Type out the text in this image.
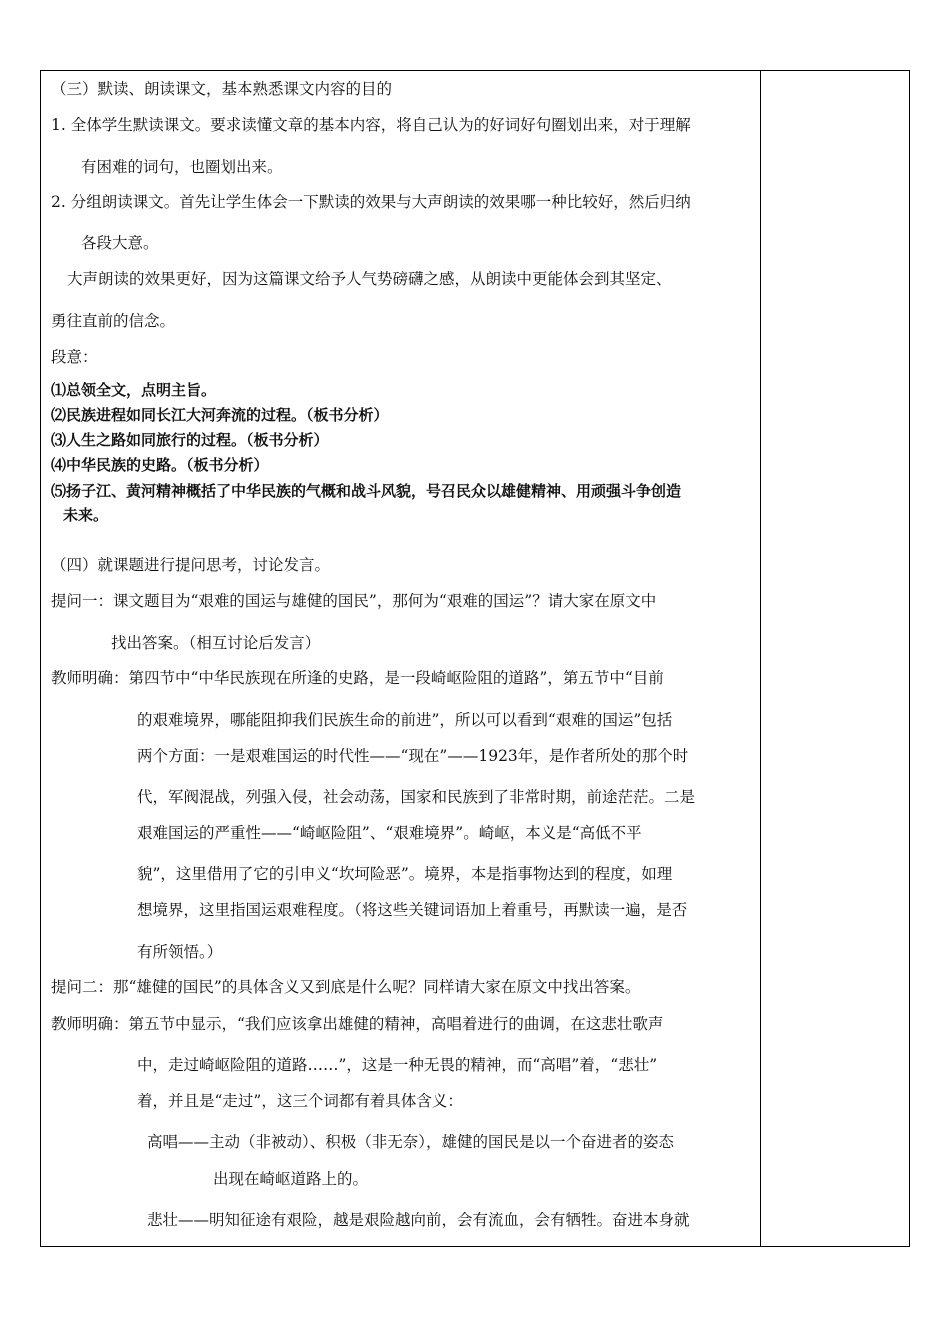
（三）默读、朗读课文，基本熟悉课文内容的目的
1. 全体学生默读课文。要求读懂文章的基本内容，将自己认为的好词好句圈划出来，对于理解
有困难的词句，也圈划出来。
2. 分组朗读课文。首先让学生体会一下默读的效果与大声朗读的效果哪一种比较好，然后归纳
各段大意。
大声朗读的效果更好，因为这篇课文给予人气势磅礴之感，从朗读中更能体会到其坚定、
勇往直前的信念。
段意：
⑴总领全文，点明主旨。
⑵民族进程如同长江大河奔流的过程。（板书分析）
⑶人生之路如同旅行的过程。（板书分析）
⑷中华民族的史路。（板书分析）
⑸扬子江、黄河精神概括了中华民族的气概和战斗风貌，号召民众以雄健精神、用顽强斗争创造
未来。
（四）就课题进行提问思考，讨论发言。
提问一：课文题目为“艰难的国运与雄健的国民”，那何为“艰难的国运”？请大家在原文中
找出答案。（相互讨论后发言）
教师明确：第四节中“中华民族现在所逢的史路，是一段崎岖险阻的道路”，第五节中“目前
的艰难境界，哪能阻抑我们民族生命的前进”，所以可以看到“艰难的国运”包括
两个方面：一是艰难国运的时代性——“现在”——1923年，是作者所处的那个时
代，军阀混战，列强入侵，社会动荡，国家和民族到了非常时期，前途茫茫。二是
艰难国运的严重性——“崎岖险阻”、“艰难境界”。崎岖，本义是“高低不平
貌”，这里借用了它的引申义“坎坷险恶”。境界，本是指事物达到的程度，如理
想境界，这里指国运艰难程度。（将这些关键词语加上着重号，再默读一遍，是否
有所领悟。）
提问二：那“雄健的国民”的具体含义又到底是什么呢？同样请大家在原文中找出答案。
教师明确：第五节中显示，“我们应该拿出雄健的精神，高唱着进行的曲调，在这悲壮歌声
中，走过崎岖险阻的道路……”，这是一种无畏的精神，而“高唱”着，“悲壮”
着，并且是“走过”，这三个词都有着具体含义：
高唱——主动（非被动）、积极（非无奈），雄健的国民是以一个奋进者的姿态
出现在崎岖道路上的。
悲壮——明知征途有艰险，越是艰险越向前，会有流血，会有牺牲。奋进本身就
